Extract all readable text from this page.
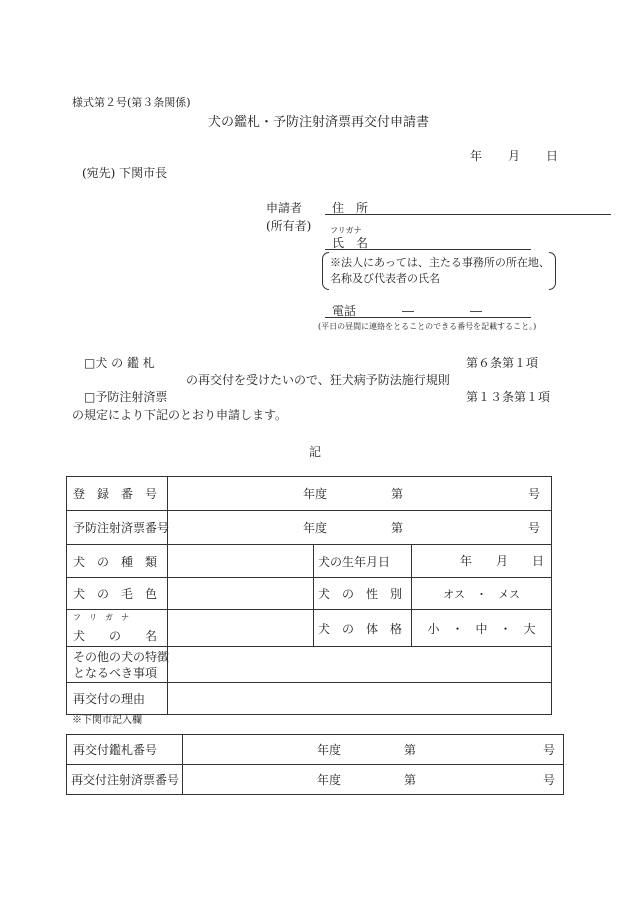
様式第２号(第３条関係)
犬の鑑札・予防注射済票再交付申請書
年 月 日
(宛先) 下関市長
申請者
(所有者)
住　所
フリガナ
氏　名
※法人にあっては、主たる事務所の所在地、
名称及び代表者の氏名
電話	―	―
(平日の昼間に連絡をとることのできる番号を記載すること。)
□犬 の 鑑 札	第６条第１項
の再交付を受けたいので、狂犬病予防法施行規則
□予防注射済票	第１３条第１項
の規定により下記のとおり申請します。
記
登　録　番　号	年度 第 号		

予防注射済票番号	年度 第 号		

犬　の　種　類		犬の生年月日	年 月 日

犬　の　毛　色		犬　の　性　別	オス　・　メス

フ　リ　ガ　ナ
犬　　の　　名		犬　の　体　格	小　・　中　・　大

その他の犬の特徴
となるべき事項			

再交付の理由			

※下関市記入欄
再交付鑑札番号	年度 第 号

再交付注射済票番号	年度 第 号
